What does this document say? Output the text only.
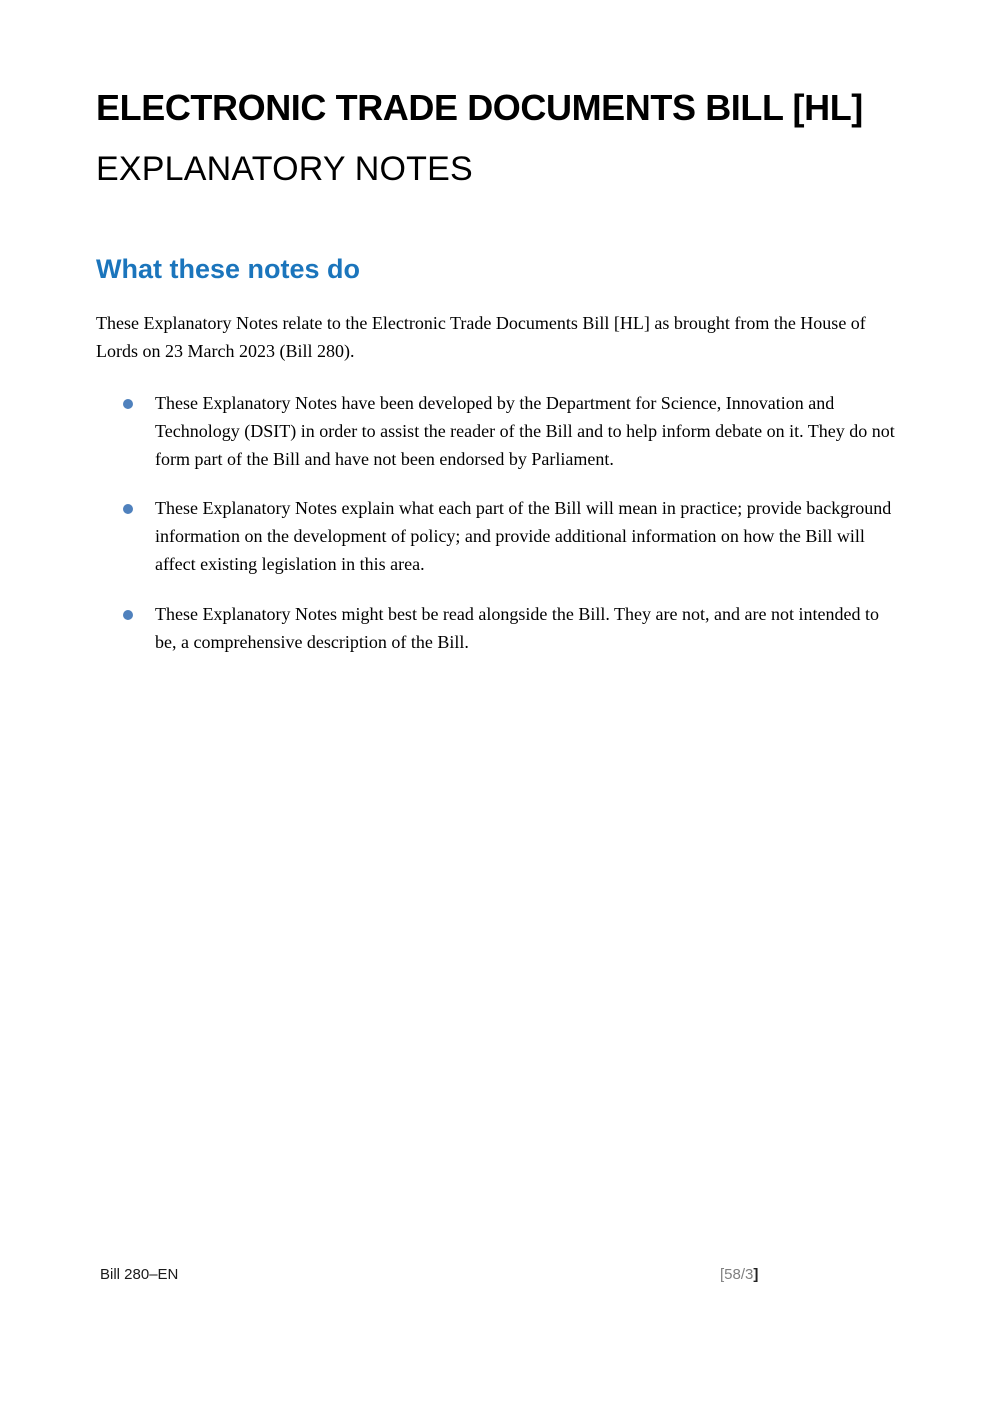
ELECTRONIC TRADE DOCUMENTS BILL [HL]
EXPLANATORY NOTES
What these notes do

These Explanatory Notes relate to the Electronic Trade Documents Bill [HL] as brought from the House of Lords on 23 March 2023 (Bill 280).

These Explanatory Notes have been developed by the Department for Science, Innovation and Technology (DSIT) in order to assist the reader of the Bill and to help inform debate on it. They do not form part of the Bill and have not been endorsed by Parliament.
These Explanatory Notes explain what each part of the Bill will mean in practice; provide background information on the development of policy; and provide additional information on how the Bill will affect existing legislation in this area.
These Explanatory Notes might best be read alongside the Bill. They are not, and are not intended to be, a comprehensive description of the Bill.
Bill 280–EN	[58/3]
